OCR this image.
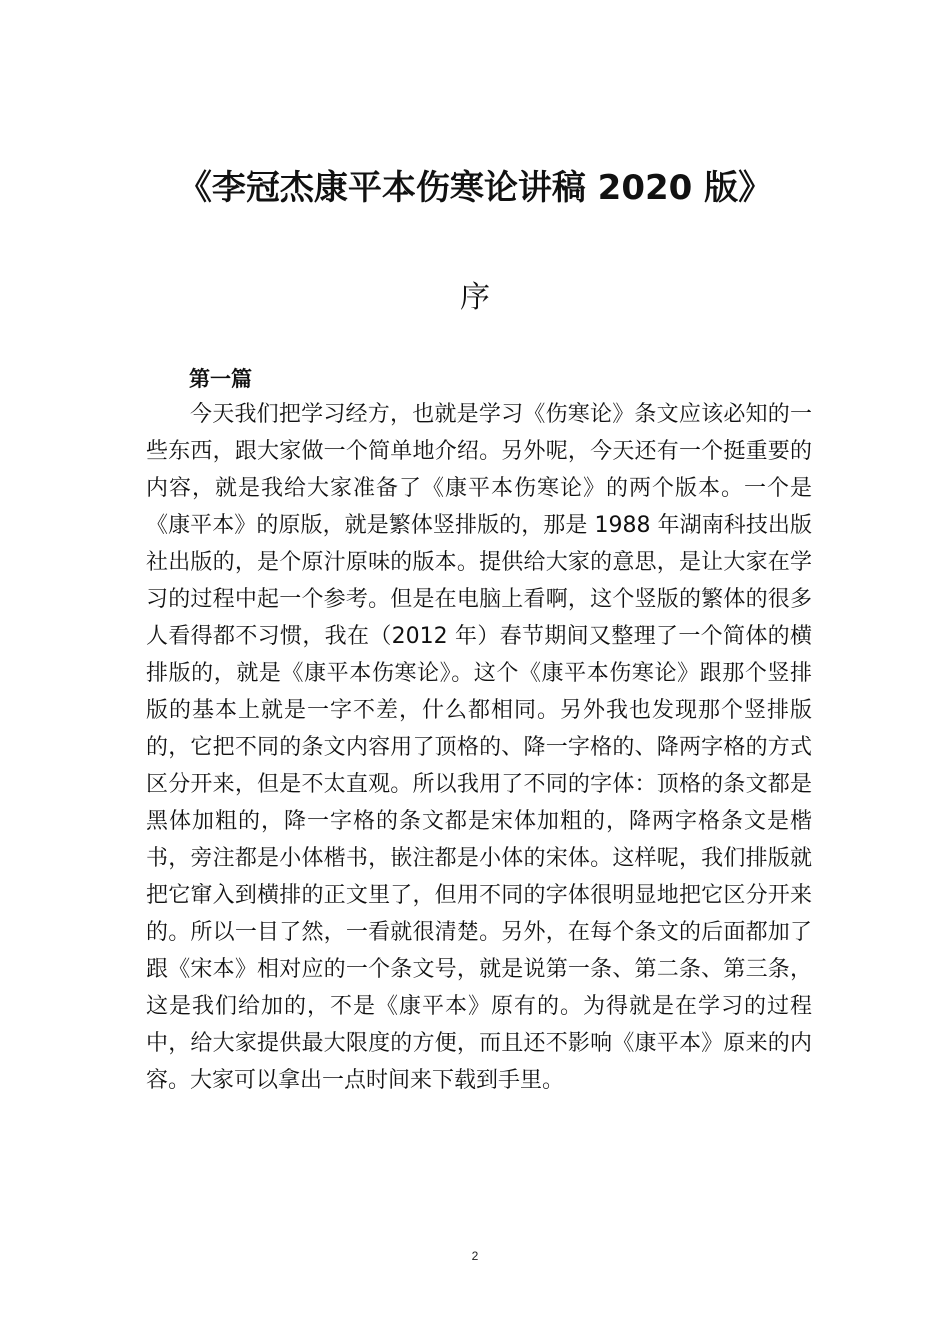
《李冠杰康平本伤寒论讲稿 2020 版》
序
第一篇

今天我们把学习经方，也就是学习《伤寒论》条文应该必知的一些东西，跟大家做一个简单地介绍。另外呢，今天还有一个挺重要的内容，就是我给大家准备了《康平本伤寒论》的两个版本。一个是《康平本》的原版，就是繁体竖排版的，那是 1988 年湖南科技出版社出版的，是个原汁原味的版本。提供给大家的意思，是让大家在学习的过程中起一个参考。但是在电脑上看啊，这个竖版的繁体的很多人看得都不习惯，我在（2012 年）春节期间又整理了一个简体的横排版的，就是《康平本伤寒论》。这个《康平本伤寒论》跟那个竖排版的基本上就是一字不差，什么都相同。另外我也发现那个竖排版的，它把不同的条文内容用了顶格的、降一字格的、降两字格的方式区分开来，但是不太直观。所以我用了不同的字体：顶格的条文都是黑体加粗的，降一字格的条文都是宋体加粗的，降两字格条文是楷书，旁注都是小体楷书，嵌注都是小体的宋体。这样呢，我们排版就把它窜入到横排的正文里了，但用不同的字体很明显地把它区分开来的。所以一目了然，一看就很清楚。另外，在每个条文的后面都加了跟《宋本》相对应的一个条文号，就是说第一条、第二条、第三条，这是我们给加的，不是《康平本》原有的。为得就是在学习的过程中，给大家提供最大限度的方便，而且还不影响《康平本》原来的内容。大家可以拿出一点时间来下载到手里。

2
